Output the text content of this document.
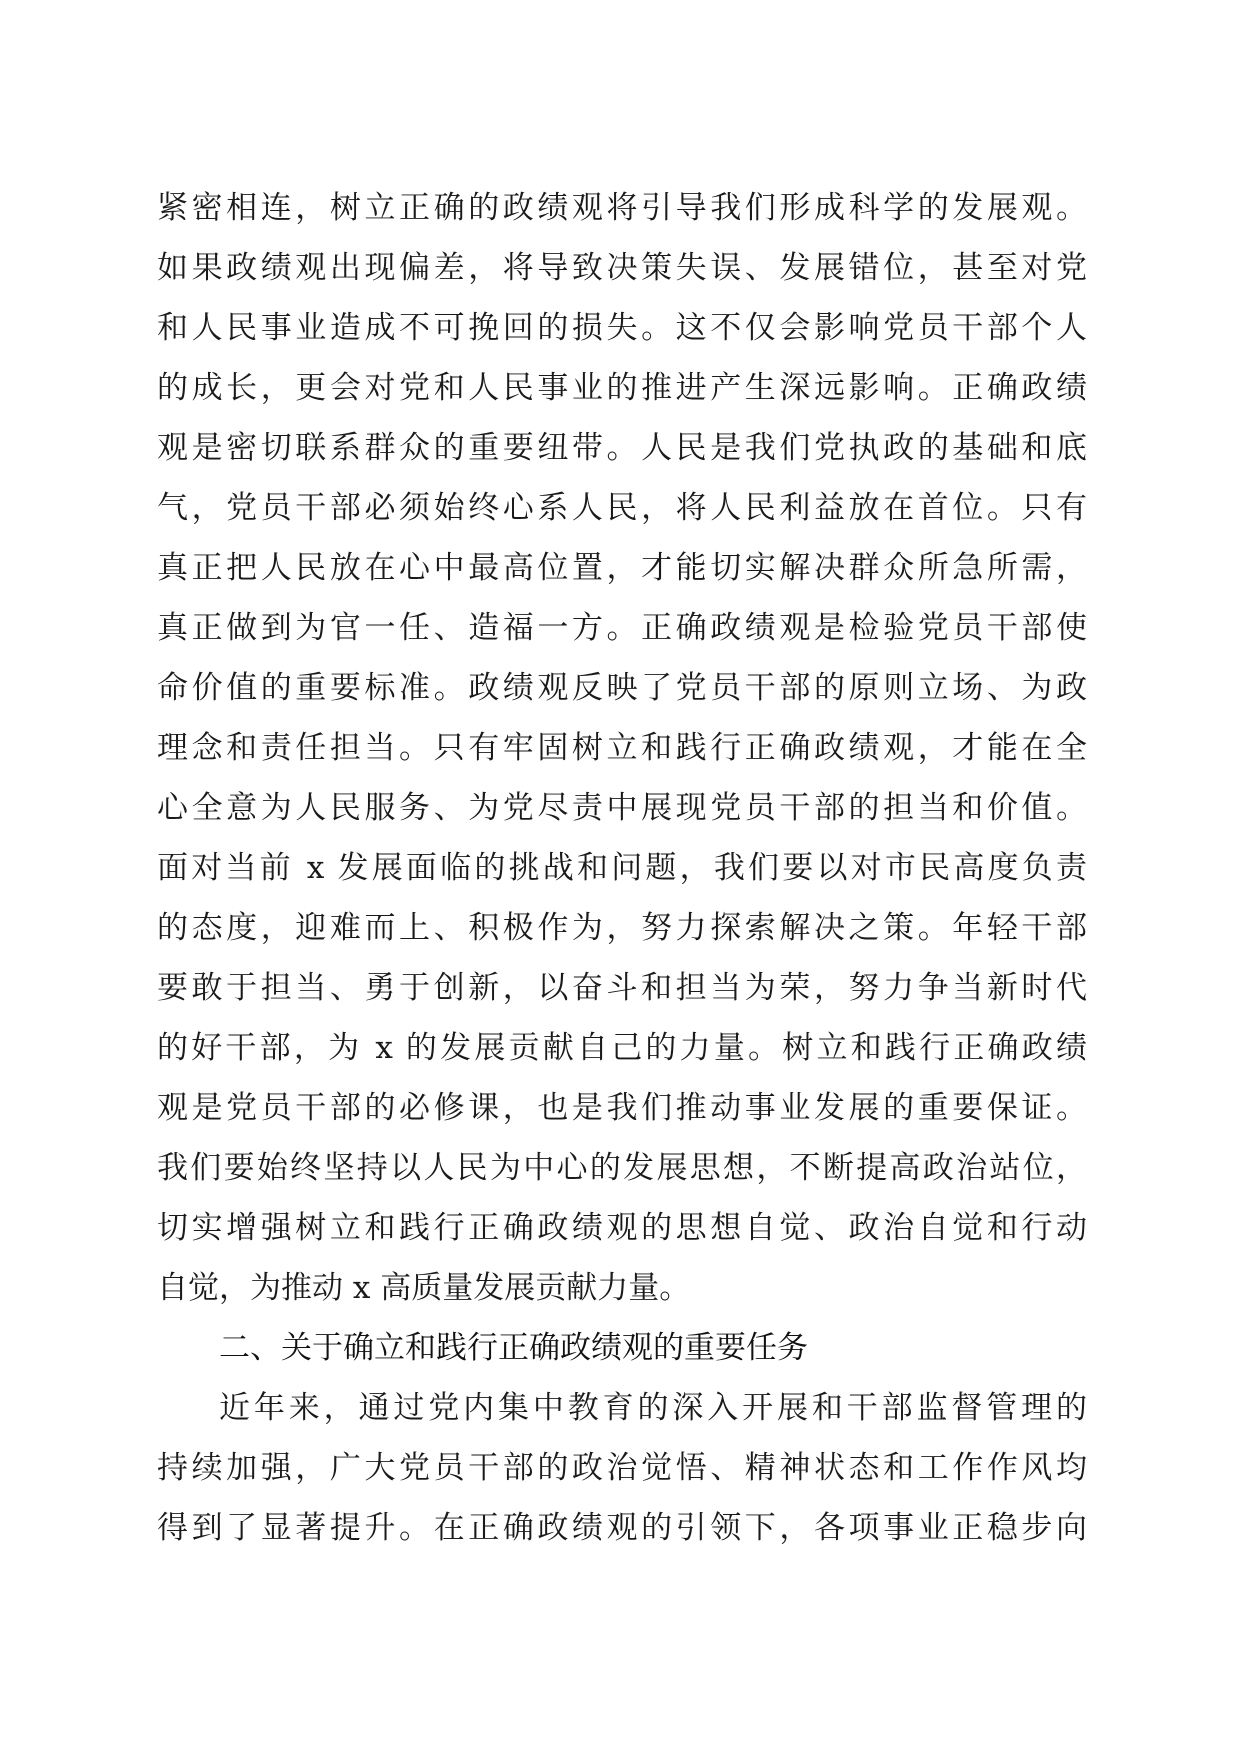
紧密相连，树立正确的政绩观将引导我们形成科学的发展观。
如果政绩观出现偏差，将导致决策失误、发展错位，甚至对党
和人民事业造成不可挽回的损失。这不仅会影响党员干部个人
的成长，更会对党和人民事业的推进产生深远影响。正确政绩
观是密切联系群众的重要纽带。人民是我们党执政的基础和底
气，党员干部必须始终心系人民，将人民利益放在首位。只有
真正把人民放在心中最高位置，才能切实解决群众所急所需，
真正做到为官一任、造福一方。正确政绩观是检验党员干部使
命价值的重要标准。政绩观反映了党员干部的原则立场、为政
理念和责任担当。只有牢固树立和践行正确政绩观，才能在全
心全意为人民服务、为党尽责中展现党员干部的担当和价值。
面对当前 x 发展面临的挑战和问题，我们要以对市民高度负责
的态度，迎难而上、积极作为，努力探索解决之策。年轻干部
要敢于担当、勇于创新，以奋斗和担当为荣，努力争当新时代
的好干部，为 x 的发展贡献自己的力量。树立和践行正确政绩
观是党员干部的必修课，也是我们推动事业发展的重要保证。
我们要始终坚持以人民为中心的发展思想，不断提高政治站位，
切实增强树立和践行正确政绩观的思想自觉、政治自觉和行动
自觉，为推动 x 高质量发展贡献力量。
二、关于确立和践行正确政绩观的重要任务
近年来，通过党内集中教育的深入开展和干部监督管理的
持续加强，广大党员干部的政治觉悟、精神状态和工作作风均
得到了显著提升。在正确政绩观的引领下，各项事业正稳步向
